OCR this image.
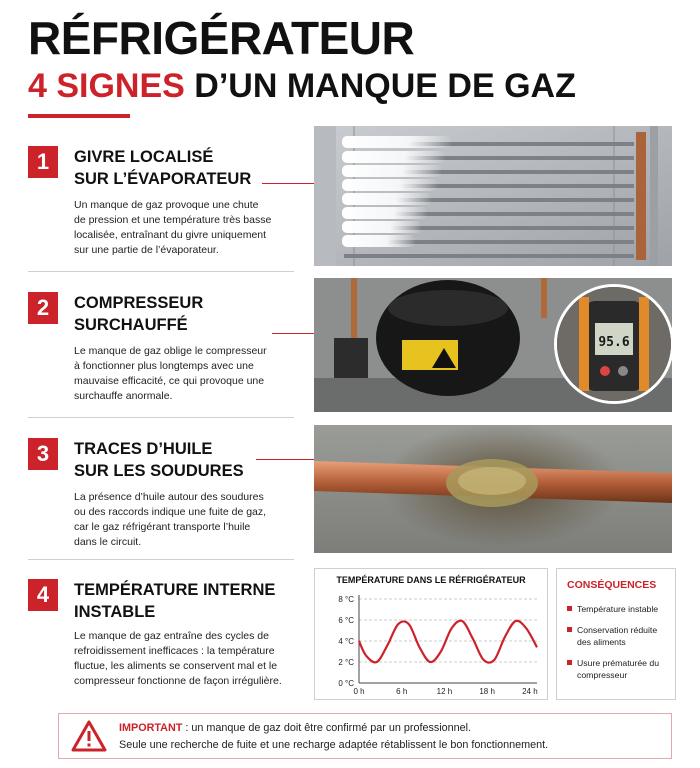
RÉFRIGÉRATEUR
4 SIGNES D’UN MANQUE DE GAZ
1	GIVRE LOCALISÉ
SUR L’ÉVAPORATEUR
Un manque de gaz provoque une chute
de pression et une température très basse
localisée, entraînant du givre uniquement
sur une partie de l’évaporateur.
2	COMPRESSEUR
SURCHAUFFÉ
Le manque de gaz oblige le compresseur
à fonctionner plus longtemps avec une
mauvaise efficacité, ce qui provoque une
surchauffe anormale.
3	TRACES D’HUILE
SUR LES SOUDURES
La présence d’huile autour des soudures
ou des raccords indique une fuite de gaz,
car le gaz réfrigérant transporte l’huile
dans le circuit.
4	TEMPÉRATURE INTERNE
INSTABLE
Le manque de gaz entraîne des cycles de
refroidissement inefficaces : la température
fluctue, les aliments se conservent mal et le
compresseur fonctionne de façon irrégulière.
95.6
TEMPÉRATURE DANS LE RÉFRIGÉRATEUR
0 °C
2 °C
4 °C
6 °C
8 °C
0 h	6 h	12 h	18 h	24 h
CONSÉQUENCES
Température instable
Conservation réduite des aliments
Usure prématurée du compresseur
IMPORTANT : un manque de gaz doit être confirmé par un professionnel.
Seule une recherche de fuite et une recharge adaptée rétablissent le bon fonctionnement.
